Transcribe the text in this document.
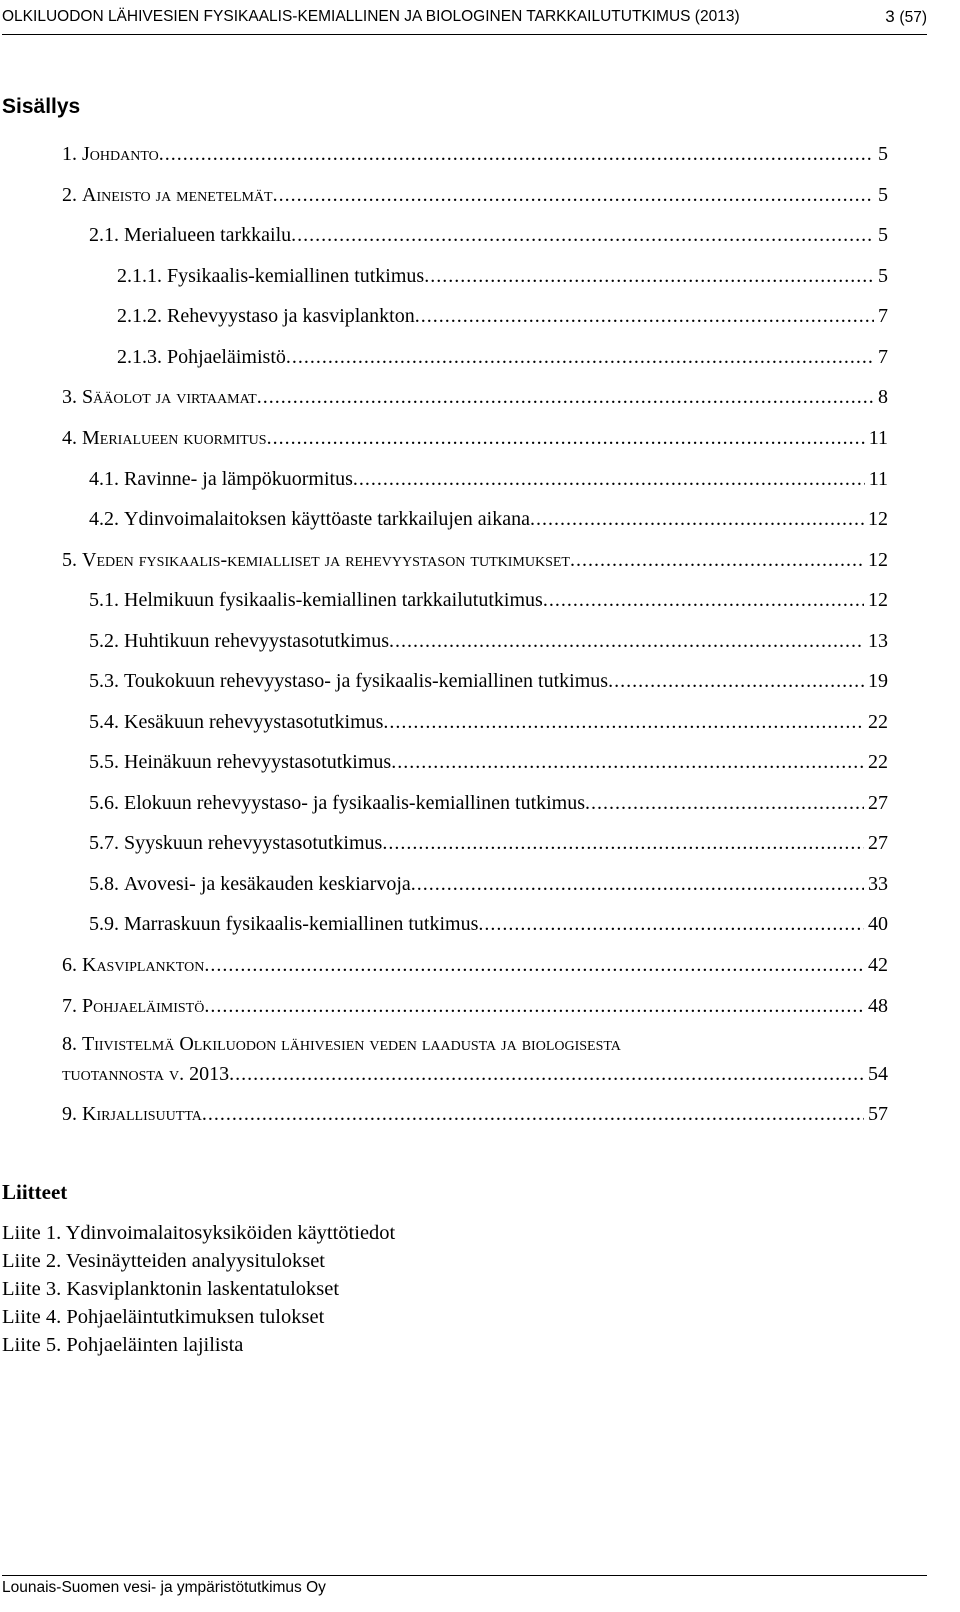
OLKILUODON LÄHIVESIEN FYSIKAALIS-KEMIALLINEN JA BIOLOGINEN TARKKAILUTUTKIMUS (2013)	3 (57)
Sisällys
1. Johdanto .....	5
2. Aineisto ja menetelmät .....	5
2.1. Merialueen tarkkailu .....	5
2.1.1. Fysikaalis-kemiallinen tutkimus .....	5
2.1.2. Rehevyystaso ja kasviplankton .....	7
2.1.3. Pohjaeläimistö .....	7
3. Sääolot ja virtaamat .....	8
4. Merialueen kuormitus .....	11
4.1. Ravinne- ja lämpökuormitus .....	11
4.2. Ydinvoimalaitoksen käyttöaste tarkkailujen aikana .....	12
5. Veden fysikaalis-kemialliset ja rehevyystason tutkimukset .....	12
5.1. Helmikuun fysikaalis-kemiallinen tarkkailututkimus .....	12
5.2. Huhtikuun rehevyystasotutkimus .....	13
5.3. Toukokuun rehevyystaso- ja fysikaalis-kemiallinen tutkimus .....	19
5.4. Kesäkuun rehevyystasotutkimus .....	22
5.5. Heinäkuun rehevyystasotutkimus .....	22
5.6. Elokuun rehevyystaso- ja fysikaalis-kemiallinen tutkimus .....	27
5.7. Syyskuun rehevyystasotutkimus .....	27
5.8. Avovesi- ja kesäkauden keskiarvoja .....	33
5.9. Marraskuun fysikaalis-kemiallinen tutkimus .....	40
6. Kasviplankton .....	42
7. Pohjaeläimistö .....	48
8. Tiivistelmä Olkiluodon lähivesien veden laadusta ja biologisesta
tuotannosta v. 2013 .....	54
9. Kirjallisuutta .....	57
Liitteet
Liite 1. Ydinvoimalaitosyksiköiden käyttötiedot
Liite 2. Vesinäytteiden analyysitulokset
Liite 3. Kasviplanktonin laskentatulokset
Liite 4. Pohjaeläintutkimuksen tulokset
Liite 5. Pohjaeläinten lajilista
Lounais-Suomen vesi- ja ympäristötutkimus Oy
